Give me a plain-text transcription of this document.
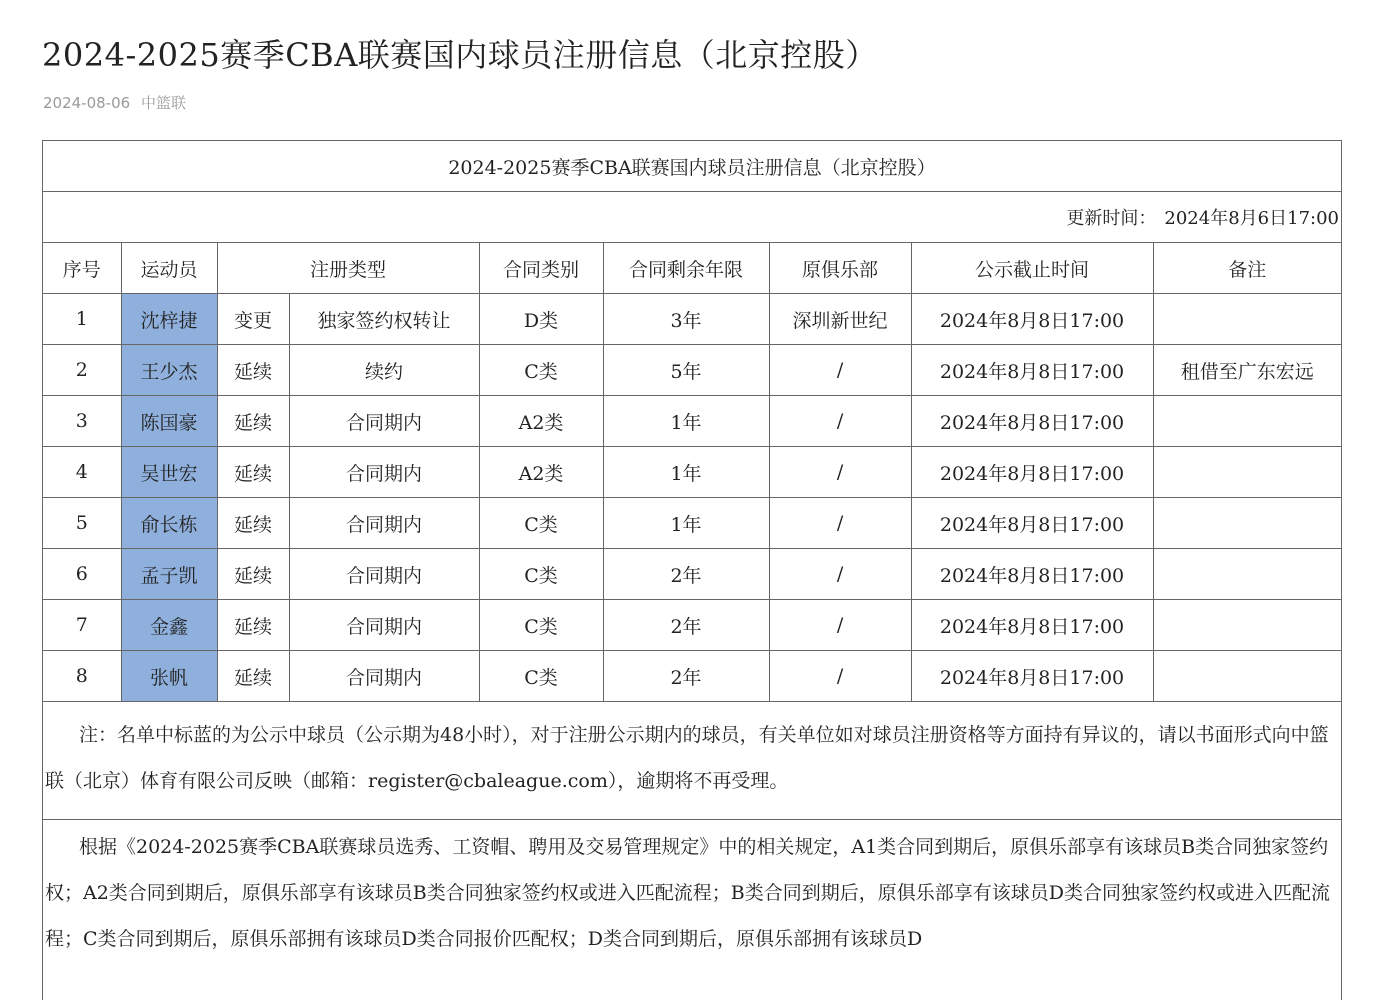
2024-2025赛季CBA联赛国内球员注册信息（北京控股）
2024-08-06 中篮联
2024-2025赛季CBA联赛国内球员注册信息（北京控股）
更新时间： 2024年8月6日17:00
序号	运动员	注册类型		合同类别	合同剩余年限	原俱乐部	公示截止时间	备注
1	沈梓捷	变更	独家签约权转让	D类	3年	深圳新世纪	2024年8月8日17:00	
2	王少杰	延续	续约	C类	5年	/	2024年8月8日17:00	租借至广东宏远
3	陈国豪	延续	合同期内	A2类	1年	/	2024年8月8日17:00	
4	吴世宏	延续	合同期内	A2类	1年	/	2024年8月8日17:00	
5	俞长栋	延续	合同期内	C类	1年	/	2024年8月8日17:00	
6	孟子凯	延续	合同期内	C类	2年	/	2024年8月8日17:00	
7	金鑫	延续	合同期内	C类	2年	/	2024年8月8日17:00	
8	张帆	延续	合同期内	C类	2年	/	2024年8月8日17:00	
注：名单中标蓝的为公示中球员（公示期为48小时），对于注册公示期内的球员，有关单位如对球员注册资格等方面持有异议的，请以书面形式向中篮联（北京）体育有限公司反映（邮箱：register@cbaleague.com），逾期将不再受理。
根据《2024-2025赛季CBA联赛球员选秀、工资帽、聘用及交易管理规定》中的相关规定，A1类合同到期后，原俱乐部享有该球员B类合同独家签约权；A2类合同到期后，原俱乐部享有该球员B类合同独家签约权或进入匹配流程；B类合同到期后，原俱乐部享有该球员D类合同独家签约权或进入匹配流程；C类合同到期后，原俱乐部拥有该球员D类合同报价匹配权；D类合同到期后，原俱乐部拥有该球员D
